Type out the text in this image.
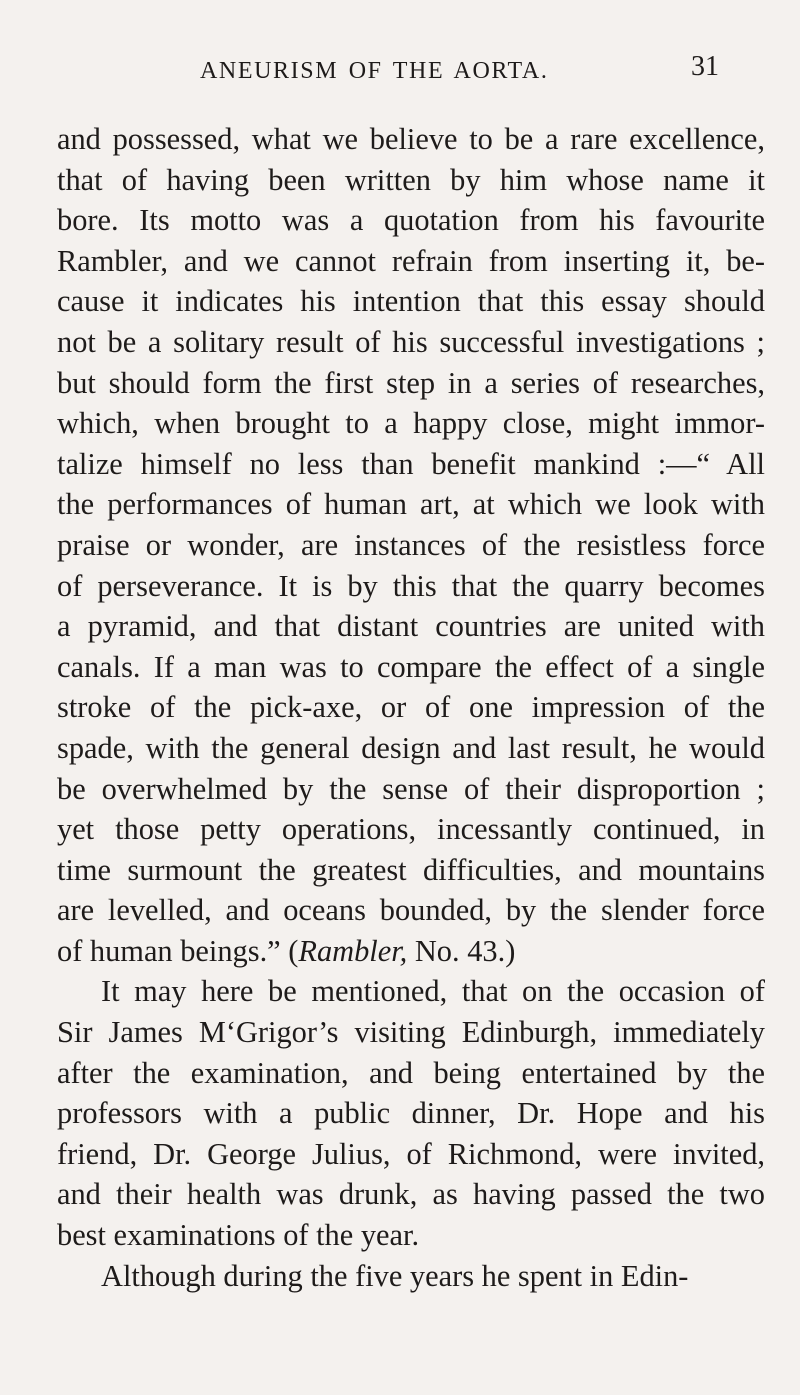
ANEURISM OF THE AORTA.	31
and possessed, what we believe to be a rare excellence,
that of having been written by him whose name it
bore. Its motto was a quotation from his favourite
Rambler, and we cannot refrain from inserting it, be-
cause it indicates his intention that this essay should
not be a solitary result of his successful investigations ;
but should form the first step in a series of researches,
which, when brought to a happy close, might immor-
talize himself no less than benefit mankind :—“ All
the performances of human art, at which we look with
praise or wonder, are instances of the resistless force
of perseverance. It is by this that the quarry becomes
a pyramid, and that distant countries are united with
canals. If a man was to compare the effect of a single
stroke of the pick-axe, or of one impression of the
spade, with the general design and last result, he would
be overwhelmed by the sense of their disproportion ;
yet those petty operations, incessantly continued, in
time surmount the greatest difficulties, and mountains
are levelled, and oceans bounded, by the slender force
of human beings.” (Rambler, No. 43.)
It may here be mentioned, that on the occasion of
Sir James M‘Grigor’s visiting Edinburgh, immediately
after the examination, and being entertained by the
professors with a public dinner, Dr. Hope and his
friend, Dr. George Julius, of Richmond, were invited,
and their health was drunk, as having passed the two
best examinations of the year.
Although during the five years he spent in Edin-
